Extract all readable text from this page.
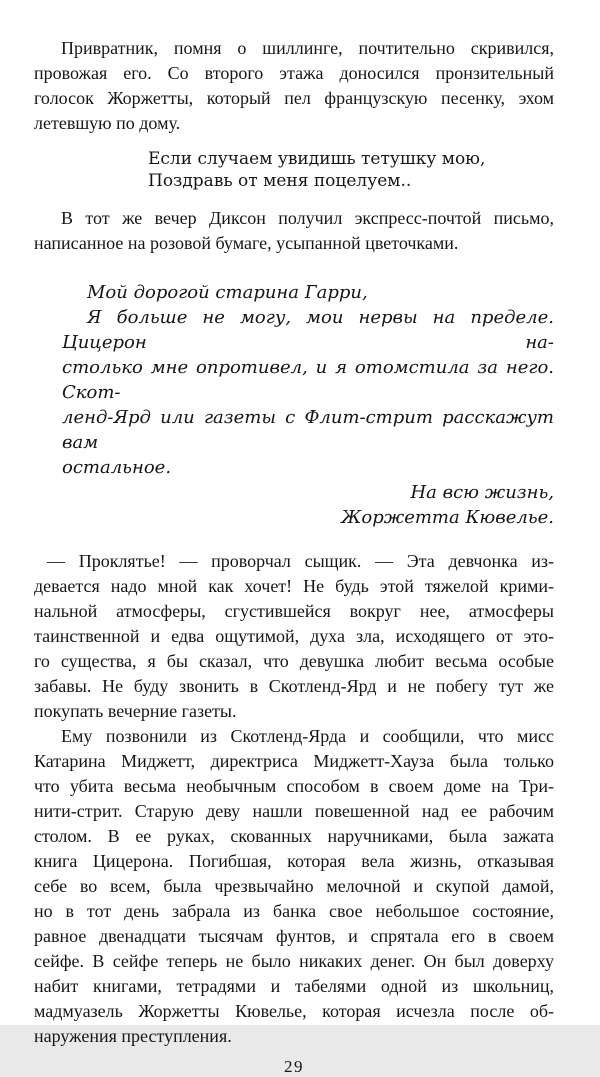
Привратник, помня о шиллинге, почтительно скривился,
провожая его. Со второго этажа доносился пронзительный
голосок Жоржетты, который пел французскую песенку, эхом
летевшую по дому.
Если случаем увидишь тетушку мою,
Поздравь от меня поцелуем..
В тот же вечер Диксон получил экспресс-почтой письмо,
написанное на розовой бумаге, усыпанной цветочками.
Мой дорогой старина Гарри,
Я больше не могу, мои нервы на пределе. Цицерон на-
столько мне опротивел, и я отомстила за него. Скот-
ленд-Ярд или газеты с Флит-стрит расскажут вам
остальное.
На всю жизнь,
Жоржетта Кювелье.
— Проклятье! — проворчал сыщик. — Эта девчонка из-
девается надо мной как хочет! Не будь этой тяжелой крими-
нальной атмосферы, сгустившейся вокруг нее, атмосферы
таинственной и едва ощутимой, духа зла, исходящего от это-
го существа, я бы сказал, что девушка любит весьма особые
забавы. Не буду звонить в Скотленд-Ярд и не побегу тут же
покупать вечерние газеты.
Ему позвонили из Скотленд-Ярда и сообщили, что мисс
Катарина Миджетт, директриса Миджетт-Хауза была только
что убита весьма необычным способом в своем доме на Три-
нити-стрит. Старую деву нашли повешенной над ее рабочим
столом. В ее руках, скованных наручниками, была зажата
книга Цицерона. Погибшая, которая вела жизнь, отказывая
себе во всем, была чрезвычайно мелочной и скупой дамой,
но в тот день забрала из банка свое небольшое состояние,
равное двенадцати тысячам фунтов, и спрятала его в своем
сейфе. В сейфе теперь не было никаких денег. Он был доверху
набит книгами, тетрадями и табелями одной из школьниц,
мадмуазель Жоржетты Кювелье, которая исчезла после об-
наружения преступления.
29
